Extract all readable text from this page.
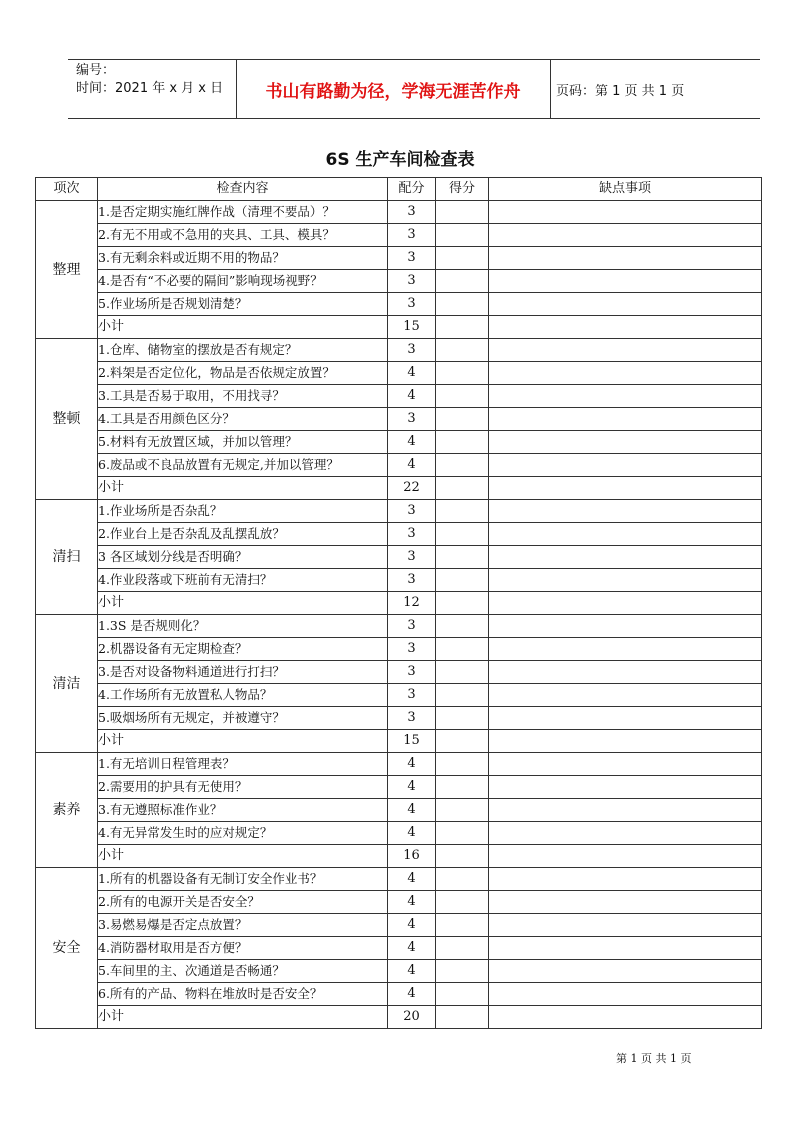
编号：
时间：2021 年 x 月 x 日	书山有路勤为径，学海无涯苦作舟	页码：第 1 页 共 1 页
6S 生产车间检查表
项次	检查内容	配分	得分	缺点事项
整理	1.是否定期实施红牌作战（清理不要品）？	3		
	2.有无不用或不急用的夹具、工具、模具？	3		
	3.有无剩余料或近期不用的物品？	3		
	4.是否有“不必要的隔间”影响现场视野？	3		
	5.作业场所是否规划清楚？	3		
	小计	15		
整顿	1.仓库、储物室的摆放是否有规定？	3		
	2.料架是否定位化，物品是否依规定放置？	4		
	3.工具是否易于取用，不用找寻？	4		
	4.工具是否用颜色区分？	3		
	5.材料有无放置区域，并加以管理？	4		
	6.废品或不良品放置有无规定,并加以管理？	4		
	小计	22		
清扫	1.作业场所是否杂乱？	3		
	2.作业台上是否杂乱及乱摆乱放？	3		
	3 各区域划分线是否明确？	3		
	4.作业段落或下班前有无清扫？	3		
	小计	12		
清洁	1.3S 是否规则化？	3		
	2.机器设备有无定期检查？	3		
	3.是否对设备物料通道进行打扫？	3		
	4.工作场所有无放置私人物品？	3		
	5.吸烟场所有无规定，并被遵守？	3		
	小计	15		
素养	1.有无培训日程管理表？	4		
	2.需要用的护具有无使用？	4		
	3.有无遵照标准作业？	4		
	4.有无异常发生时的应对规定？	4		
	小计	16		
安全	1.所有的机器设备有无制订安全作业书？	4		
	2.所有的电源开关是否安全？	4		
	3.易燃易爆是否定点放置？	4		
	4.消防器材取用是否方便？	4		
	5.车间里的主、次通道是否畅通？	4		
	6.所有的产品、物料在堆放时是否安全？	4		
	小计	20		
第 1 页 共 1 页
